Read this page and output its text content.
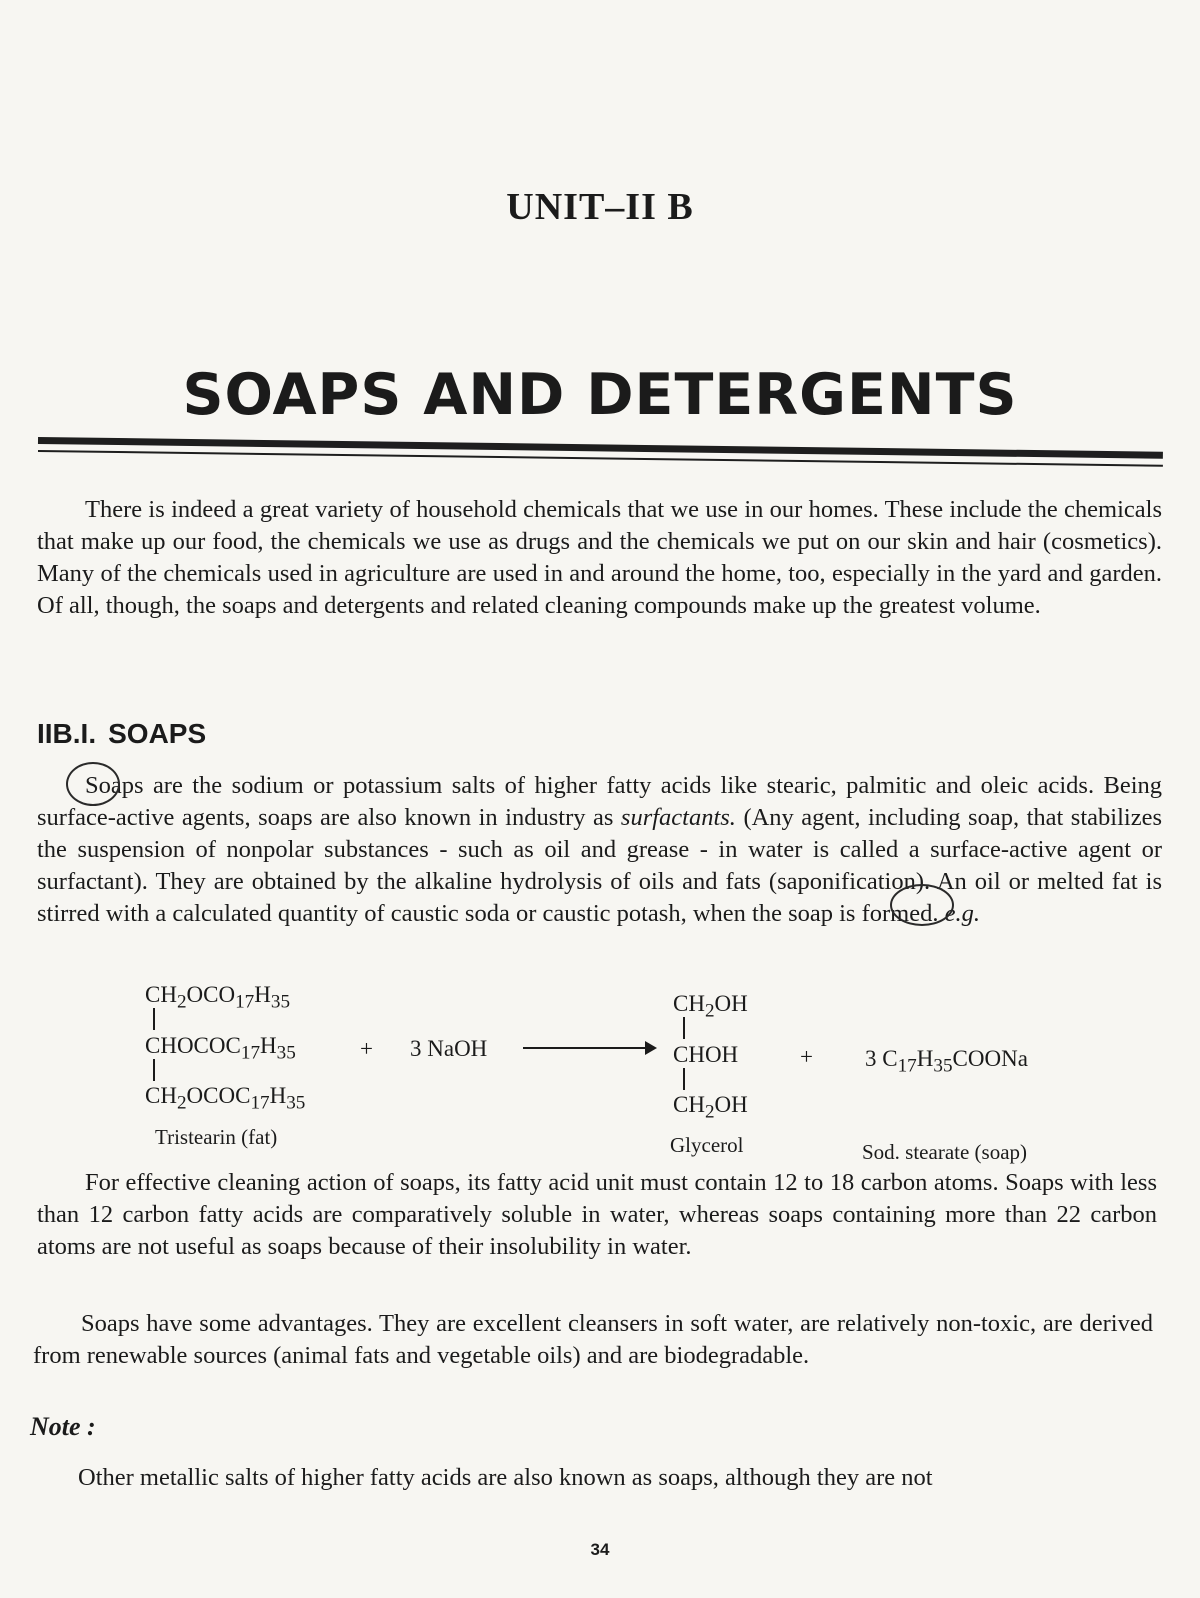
UNIT–II B
SOAPS AND DETERGENTS
There is indeed a great variety of household chemicals that we use in our homes. These include the chemicals that make up our food, the chemicals we use as drugs and the chemicals we put on our skin and hair (cosmetics). Many of the chemicals used in agriculture are used in and around the home, too, especially in the yard and garden. Of all, though, the soaps and detergents and related cleaning compounds make up the greatest volume.
IIB.I. SOAPS
Soaps are the sodium or potassium salts of higher fatty acids like stearic, palmitic and oleic acids. Being surface-active agents, soaps are also known in industry as surfactants. (Any agent, including soap, that stabilizes the suspension of nonpolar substances - such as oil and grease - in water is called a surface-active agent or surfactant). They are obtained by the alkaline hydrolysis of oils and fats (saponification). An oil or melted fat is stirred with a calculated quantity of caustic soda or caustic potash, when the soap is formed. e.g.
$CH_2OCO_{17}H_{35}$
$CHOCOC_{17}H_{35}$
$CH_2OCOC_{17}H_{35}$
Tristearin (fat)
+ 3 NaOH
$CH_2OH$
CHOH
$CH_2OH$
Glycerol
+ 3 $C_{17}H_{35}COONa$
Sod. stearate (soap)
For effective cleaning action of soaps, its fatty acid unit must contain 12 to 18 carbon atoms. Soaps with less than 12 carbon fatty acids are comparatively soluble in water, whereas soaps containing more than 22 carbon atoms are not useful as soaps because of their insolubility in water.
Soaps have some advantages. They are excellent cleansers in soft water, are relatively non-toxic, are derived from renewable sources (animal fats and vegetable oils) and are biodegradable.
Note :
Other metallic salts of higher fatty acids are also known as soaps, although they are not
34
